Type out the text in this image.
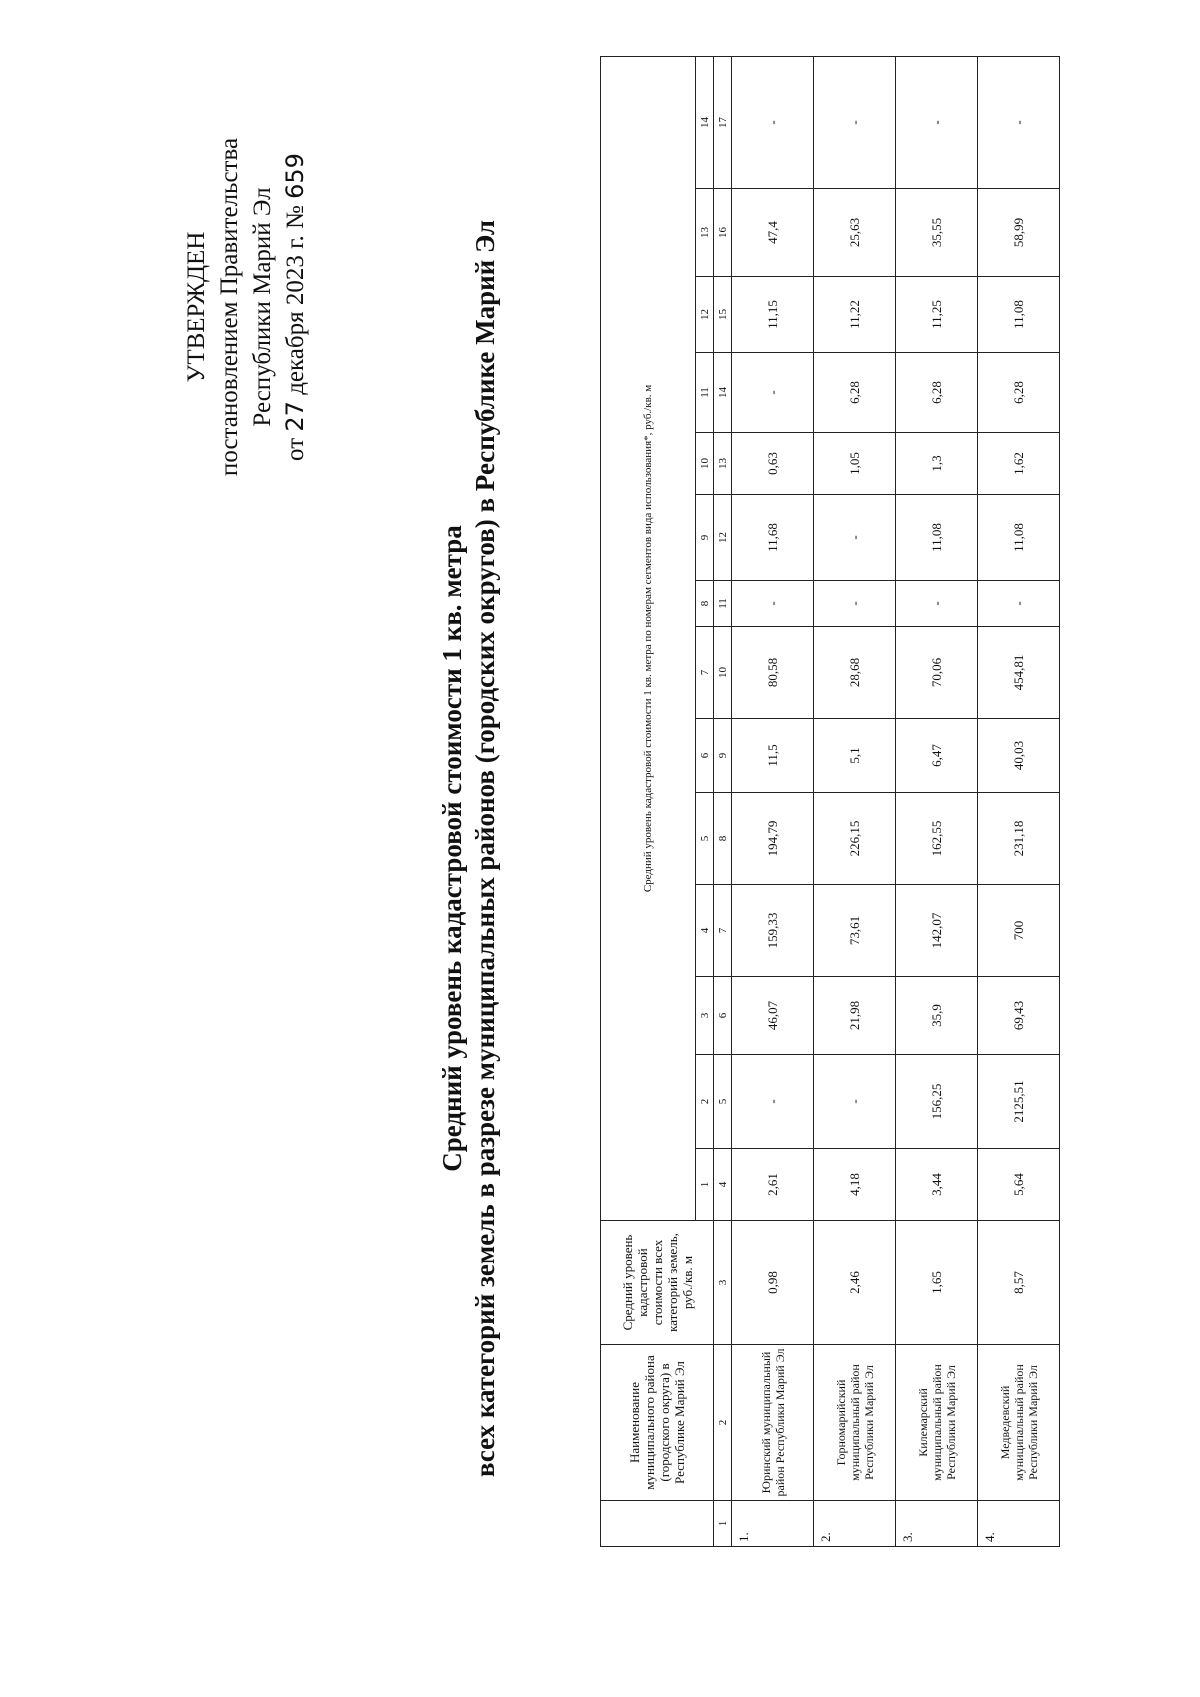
УТВЕРЖДЕН постановлением Правительства Республики Марий Эл
от 27 декабря 2023 г. № 659
Средний уровень кадастровой стоимости 1 кв. метра всех категорий земель в разрезе муниципальных районов (городских округов) в Республике Марий Эл
		Наименование муниципального района (городского округа) в Республике Марий Эл	Средний уровень кадастровой стоимости всех категорий земель, руб./кв. м	Средний уровень кадастровой стоимости 1 кв. метра по номерам сегментов вида использования*, руб./кв. м													
			1	2	3	4	5	6	7	8	9	10	11	12	13	14
1	2	3	4	5	6	7	8	9	10	11	12	13	14	15	16	17
1.	Юринский муниципальный район Республики Марий Эл	0,98	2,61	-	46,07	159,33	194,79	11,5	80,58	-	11,68	0,63	-	11,15	47,4	-
2.	Горномарийский муниципальный район Республики Марий Эл	2,46	4,18	-	21,98	73,61	226,15	5,1	28,68	-	-	1,05	6,28	11,22	25,63	-
3.	Килемарский муниципальный район Республики Марий Эл	1,65	3,44	156,25	35,9	142,07	162,55	6,47	70,06	-	11,08	1,3	6,28	11,25	35,55	-
4.	Медведевский муниципальный район Республики Марий Эл	8,57	5,64	2125,51	69,43	700	231,18	40,03	454,81	-	11,08	1,62	6,28	11,08	58,99	-
